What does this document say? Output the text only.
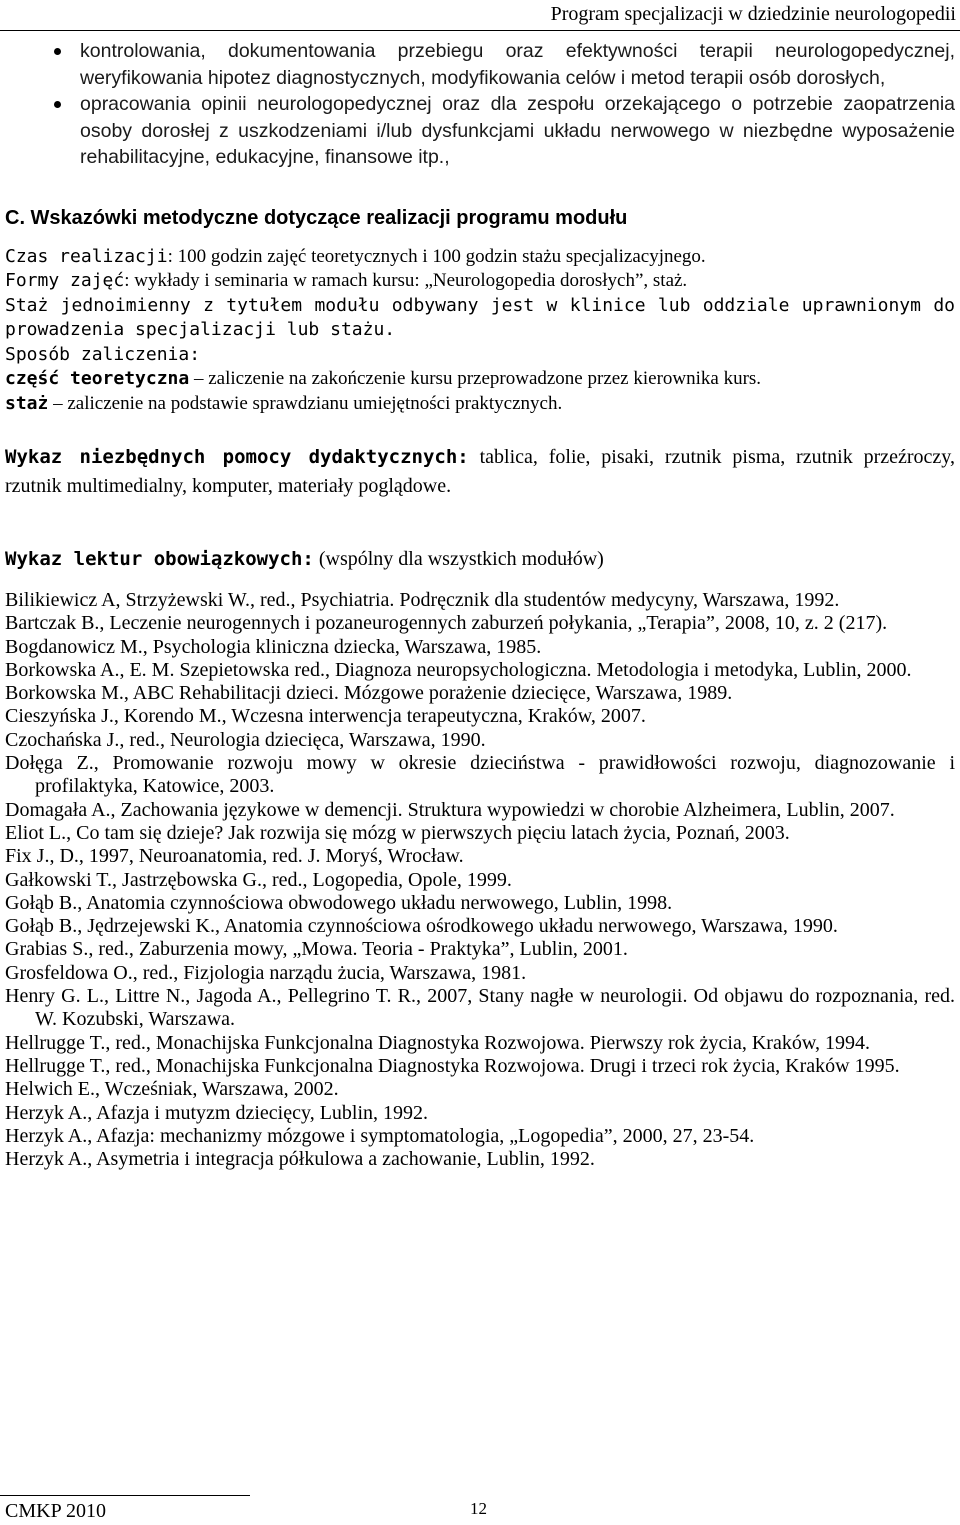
Program specjalizacji w dziedzinie neurologopedii
kontrolowania, dokumentowania przebiegu oraz efektywności terapii neurologopedycznej, weryfikowania hipotez diagnostycznych, modyfikowania celów i metod terapii osób dorosłych,
opracowania opinii neurologopedycznej oraz dla zespołu orzekającego o potrzebie zaopatrzenia osoby dorosłej z uszkodzeniami i/lub dysfunkcjami układu nerwowego w niezbędne wyposażenie rehabilitacyjne, edukacyjne, finansowe itp.,
C. Wskazówki metodyczne dotyczące realizacji programu modułu

Czas realizacji: 100 godzin zajęć teoretycznych i 100 godzin stażu specjalizacyjnego.

Formy zajęć: wykłady i seminaria w ramach kursu: „Neurologopedia dorosłych”, staż.

Staż jednoimienny z tytułem modułu odbywany jest w klinice lub oddziale uprawnionym do prowadzenia specjalizacji lub stażu.

Sposób zaliczenia:

część teoretyczna – zaliczenie na zakończenie kursu przeprowadzone przez kierownika kurs.

staż – zaliczenie na podstawie sprawdzianu umiejętności praktycznych.

Wykaz niezbędnych pomocy dydaktycznych: tablica, folie, pisaki, rzutnik pisma, rzutnik przeźroczy, rzutnik multimedialny, komputer, materiały poglądowe.

Wykaz lektur obowiązkowych: (wspólny dla wszystkich modułów)

Bilikiewicz A, Strzyżewski W., red., Psychiatria. Podręcznik dla studentów medycyny, Warszawa, 1992.
Bartczak B., Leczenie neurogennych i pozaneurogennych zaburzeń połykania, „Terapia”, 2008, 10, z. 2 (217).
Bogdanowicz M., Psychologia kliniczna dziecka, Warszawa, 1985.
Borkowska A., E. M. Szepietowska red., Diagnoza neuropsychologiczna. Metodologia i metodyka, Lublin, 2000.
Borkowska M., ABC Rehabilitacji dzieci. Mózgowe porażenie dziecięce, Warszawa, 1989.
Cieszyńska J., Korendo M., Wczesna interwencja terapeutyczna, Kraków, 2007.
Czochańska J., red., Neurologia dziecięca, Warszawa, 1990.
Dołęga Z., Promowanie rozwoju mowy w okresie dzieciństwa - prawidłowości rozwoju, diagnozowanie i profilaktyka, Katowice, 2003.
Domagała A., Zachowania językowe w demencji. Struktura wypowiedzi w chorobie Alzheimera, Lublin, 2007.
Eliot L., Co tam się dzieje? Jak rozwija się mózg w pierwszych pięciu latach życia, Poznań, 2003.
Fix J., D., 1997, Neuroanatomia, red. J. Moryś, Wrocław.
Gałkowski T., Jastrzębowska G., red., Logopedia, Opole, 1999.
Gołąb B., Anatomia czynnościowa obwodowego układu nerwowego, Lublin, 1998.
Gołąb B., Jędrzejewski K., Anatomia czynnościowa ośrodkowego układu nerwowego, Warszawa, 1990.
Grabias S., red., Zaburzenia mowy, „Mowa. Teoria - Praktyka”, Lublin, 2001.
Grosfeldowa O., red., Fizjologia narządu żucia, Warszawa, 1981.
Henry G. L., Littre N., Jagoda A., Pellegrino T. R., 2007, Stany nagłe w neurologii. Od objawu do rozpoznania, red. W. Kozubski, Warszawa.
Hellrugge T., red., Monachijska Funkcjonalna Diagnostyka Rozwojowa. Pierwszy rok życia, Kraków, 1994.
Hellrugge T., red., Monachijska Funkcjonalna Diagnostyka Rozwojowa. Drugi i trzeci rok życia, Kraków 1995.
Helwich E., Wcześniak, Warszawa, 2002.
Herzyk A., Afazja i mutyzm dziecięcy, Lublin, 1992.
Herzyk A., Afazja: mechanizmy mózgowe i symptomatologia, „Logopedia”, 2000, 27, 23-54.
Herzyk A., Asymetria i integracja półkulowa a zachowanie, Lublin, 1992.
CMKP 2010	12
